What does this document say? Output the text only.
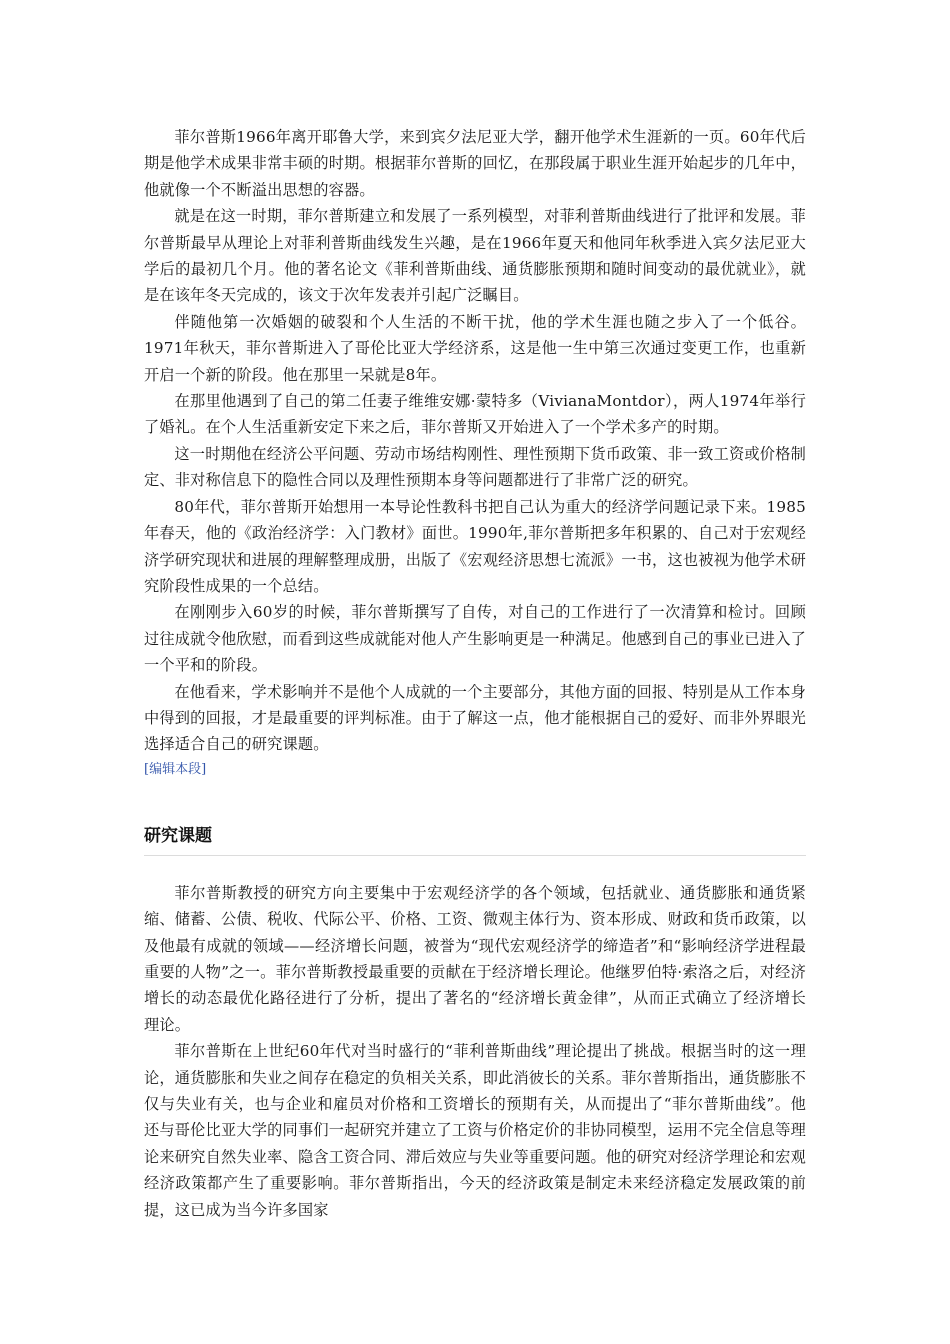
菲尔普斯1966年离开耶鲁大学，来到宾夕法尼亚大学，翻开他学术生涯新的一页。60年代后期是他学术成果非常丰硕的时期。根据菲尔普斯的回忆，在那段属于职业生涯开始起步的几年中，他就像一个不断溢出思想的容器。

就是在这一时期，菲尔普斯建立和发展了一系列模型，对菲利普斯曲线进行了批评和发展。菲尔普斯最早从理论上对菲利普斯曲线发生兴趣，是在1966年夏天和他同年秋季进入宾夕法尼亚大学后的最初几个月。他的著名论文《菲利普斯曲线、通货膨胀预期和随时间变动的最优就业》，就是在该年冬天完成的，该文于次年发表并引起广泛瞩目。

伴随他第一次婚姻的破裂和个人生活的不断干扰，他的学术生涯也随之步入了一个低谷。1971年秋天，菲尔普斯进入了哥伦比亚大学经济系，这是他一生中第三次通过变更工作，也重新开启一个新的阶段。他在那里一呆就是8年。

在那里他遇到了自己的第二任妻子维维安娜·蒙特多（VivianaMontdor），两人1974年举行了婚礼。在个人生活重新安定下来之后，菲尔普斯又开始进入了一个学术多产的时期。

这一时期他在经济公平问题、劳动市场结构刚性、理性预期下货币政策、非一致工资或价格制定、非对称信息下的隐性合同以及理性预期本身等问题都进行了非常广泛的研究。

80年代，菲尔普斯开始想用一本导论性教科书把自己认为重大的经济学问题记录下来。1985年春天，他的《政治经济学：入门教材》面世。1990年,菲尔普斯把多年积累的、自己对于宏观经济学研究现状和进展的理解整理成册，出版了《宏观经济思想七流派》一书，这也被视为他学术研究阶段性成果的一个总结。

在刚刚步入60岁的时候，菲尔普斯撰写了自传，对自己的工作进行了一次清算和检讨。回顾过往成就令他欣慰，而看到这些成就能对他人产生影响更是一种满足。他感到自己的事业已进入了一个平和的阶段。

在他看来，学术影响并不是他个人成就的一个主要部分，其他方面的回报、特别是从工作本身中得到的回报，才是最重要的评判标准。由于了解这一点，他才能根据自己的爱好、而非外界眼光选择适合自己的研究课题。

[编辑本段]
研究课题

菲尔普斯教授的研究方向主要集中于宏观经济学的各个领域，包括就业、通货膨胀和通货紧缩、储蓄、公债、税收、代际公平、价格、工资、微观主体行为、资本形成、财政和货币政策，以及他最有成就的领域——经济增长问题，被誉为“现代宏观经济学的缔造者”和“影响经济学进程最重要的人物”之一。菲尔普斯教授最重要的贡献在于经济增长理论。他继罗伯特·索洛之后，对经济增长的动态最优化路径进行了分析，提出了著名的“经济增长黄金律”，从而正式确立了经济增长理论。

菲尔普斯在上世纪60年代对当时盛行的“菲利普斯曲线”理论提出了挑战。根据当时的这一理论，通货膨胀和失业之间存在稳定的负相关关系，即此消彼长的关系。菲尔普斯指出，通货膨胀不仅与失业有关，也与企业和雇员对价格和工资增长的预期有关，从而提出了“菲尔普斯曲线”。他还与哥伦比亚大学的同事们一起研究并建立了工资与价格定价的非协同模型，运用不完全信息等理论来研究自然失业率、隐含工资合同、滞后效应与失业等重要问题。他的研究对经济学理论和宏观经济政策都产生了重要影响。菲尔普斯指出，今天的经济政策是制定未来经济稳定发展政策的前提，这已成为当今许多国家
